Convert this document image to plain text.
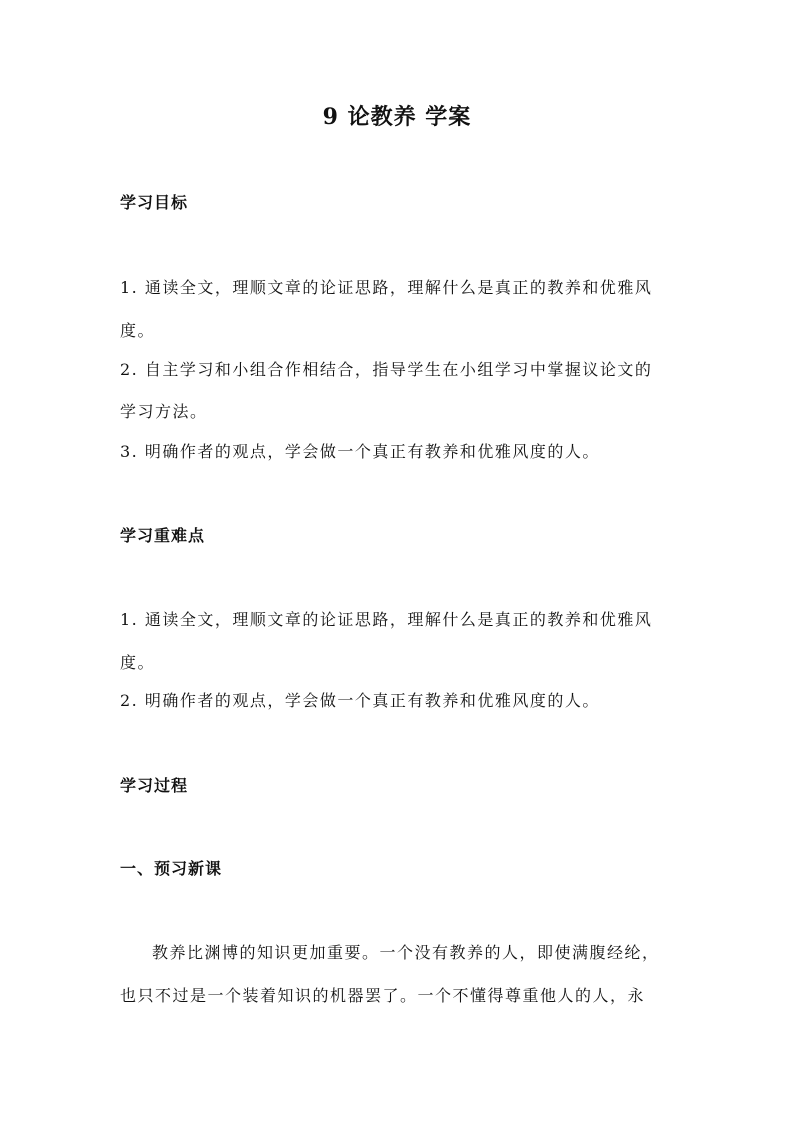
9 论教养 学案
学习目标
1. 通读全文，理顺文章的论证思路，理解什么是真正的教养和优雅风
度。
2. 自主学习和小组合作相结合，指导学生在小组学习中掌握议论文的
学习方法。
3. 明确作者的观点，学会做一个真正有教养和优雅风度的人。
学习重难点
1. 通读全文，理顺文章的论证思路，理解什么是真正的教养和优雅风
度。
2. 明确作者的观点，学会做一个真正有教养和优雅风度的人。
学习过程
一、预习新课
教养比渊博的知识更加重要。一个没有教养的人，即使满腹经纶，
也只不过是一个装着知识的机器罢了。一个不懂得尊重他人的人，永
